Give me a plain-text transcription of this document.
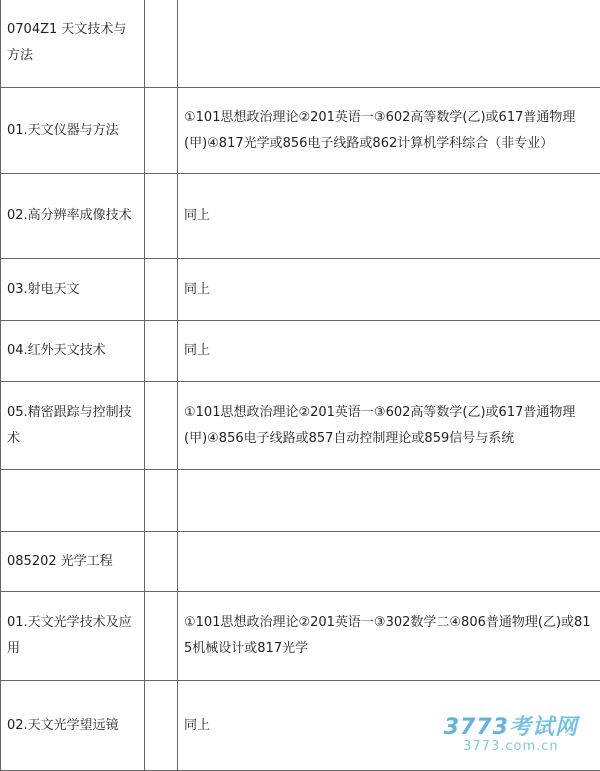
0704Z1 天文技术与方法			
01.天文仪器与方法		①101思想政治理论②201英语一③602高等数学(乙)或617普通物理(甲)④817光学或856电子线路或862计算机学科综合（非专业）	
02.高分辨率成像技术		同上	
03.射电天文		同上	
04.红外天文技术		同上	
05.精密跟踪与控制技术		①101思想政治理论②201英语一③602高等数学(乙)或617普通物理(甲)④856电子线路或857自动控制理论或859信号与系统	

085202 光学工程			
01.天文光学技术及应用		①101思想政治理论②201英语一③302数学二④806普通物理(乙)或815机械设计或817光学	
02.天文光学望远镜		同上		3773考试网
3773.com.cn
